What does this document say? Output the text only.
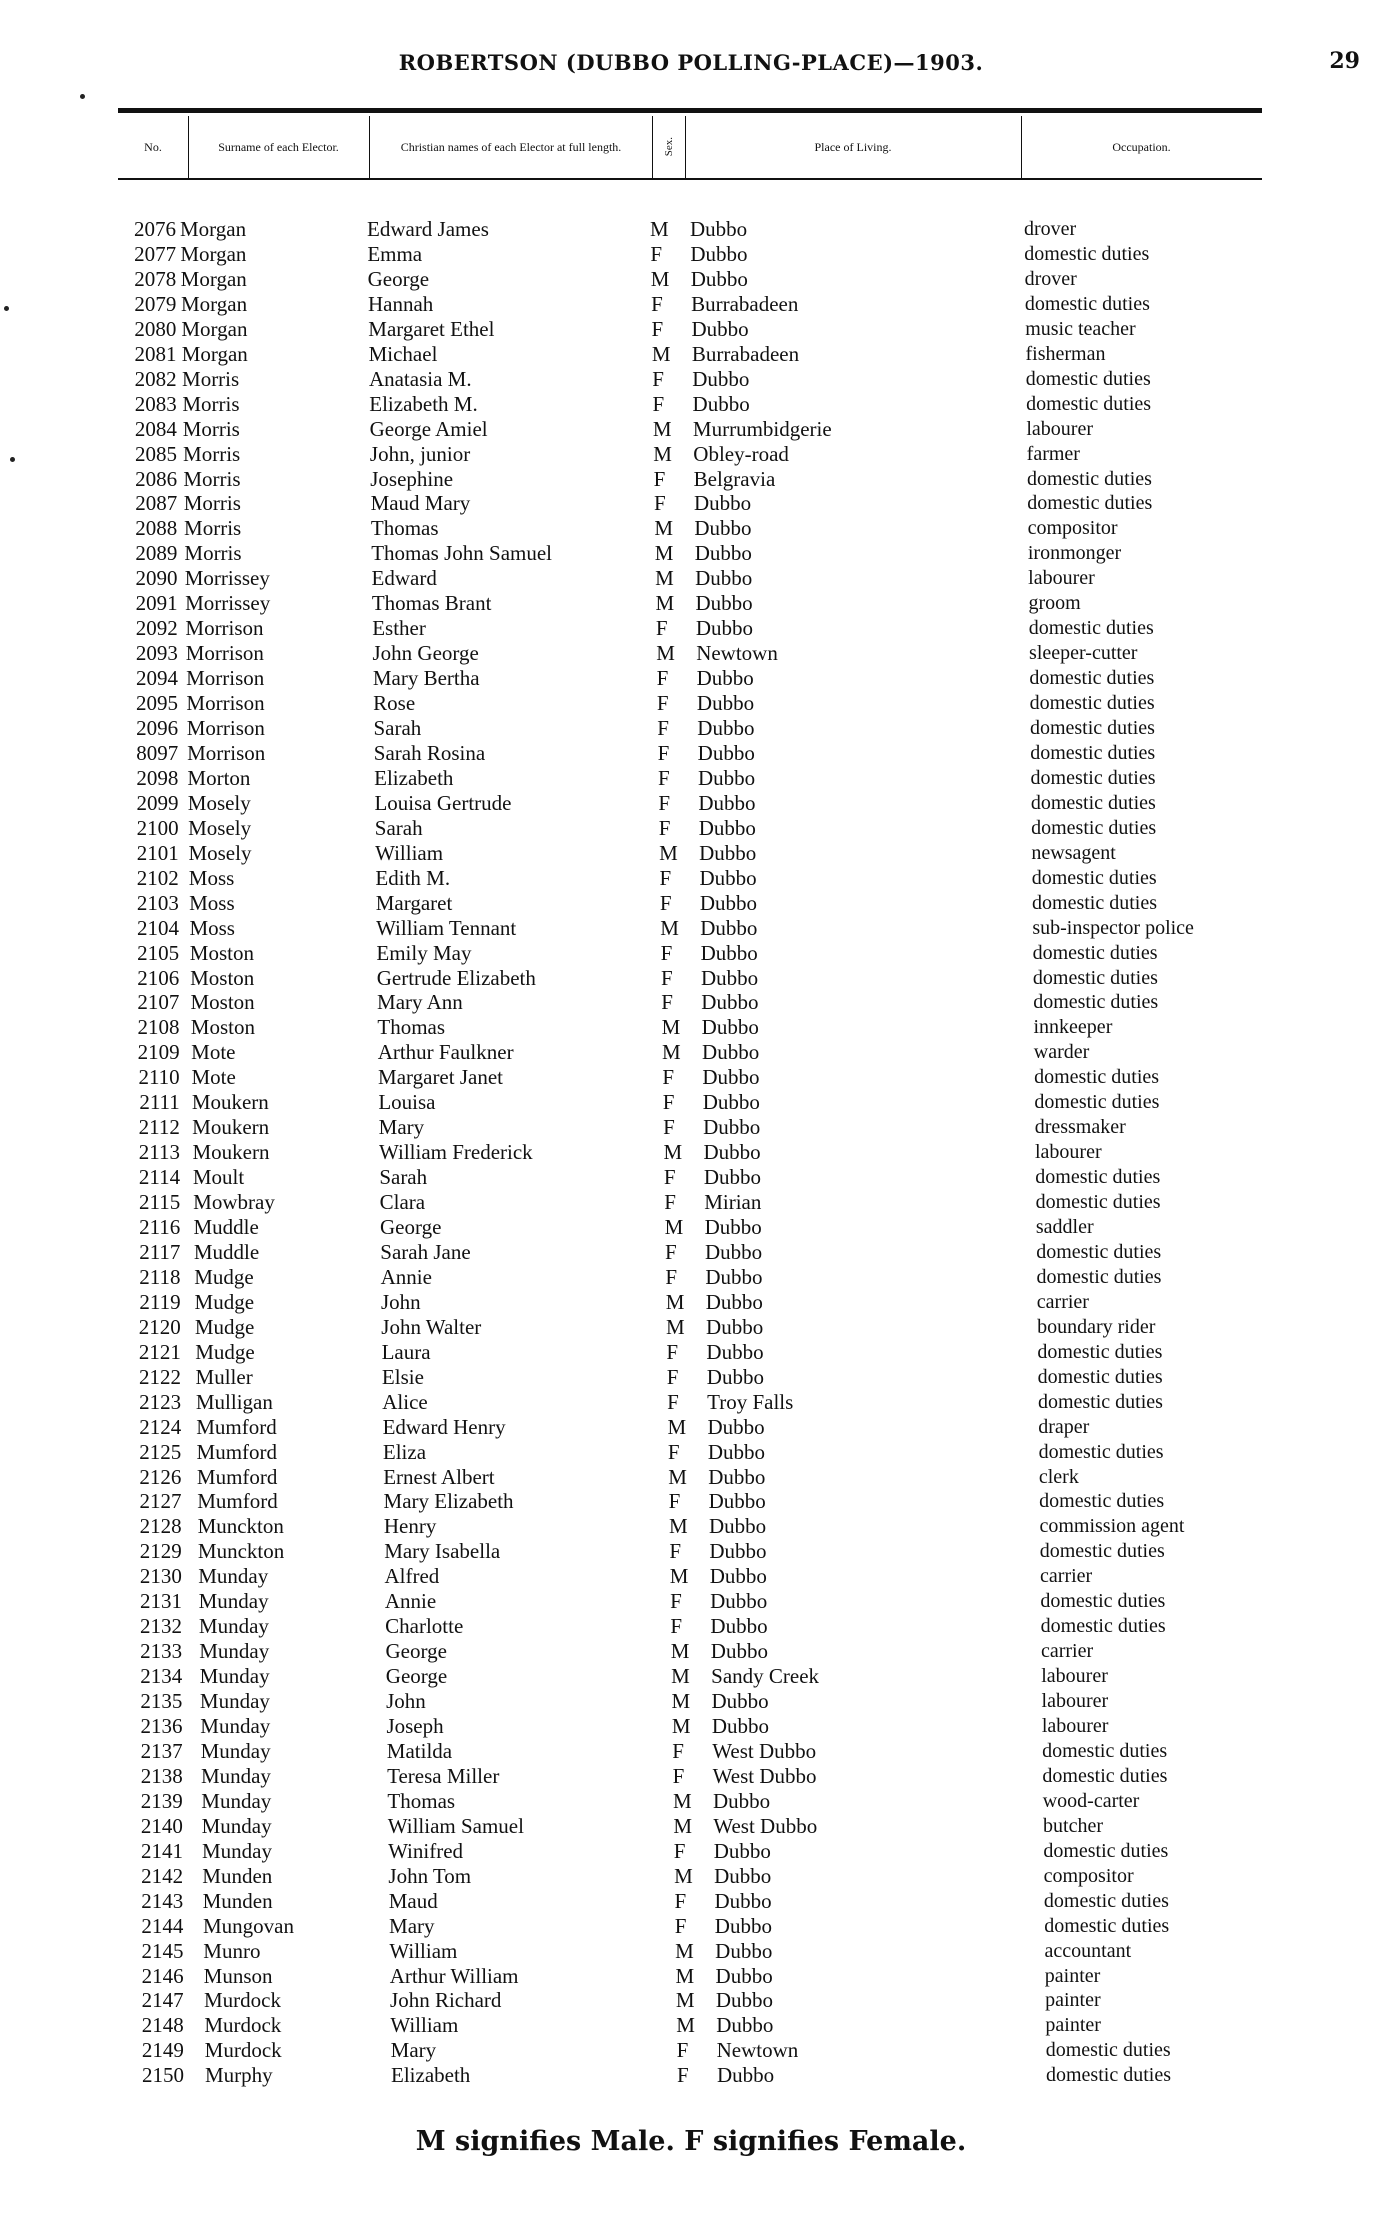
ROBERTSON (DUBBO POLLING-PLACE)—1903.	29
No.	Surname of each Elector.	Christian names of each Elector at full length.	Sex.	Place of Living.	Occupation.
2076 Morgan	Edward James	M Dubbo	drover
2077 Morgan	Emma	F Dubbo	domestic duties
2078 Morgan	George	M Dubbo	drover
2079 Morgan	Hannah	F Burrabadeen	domestic duties
2080 Morgan	Margaret Ethel	F Dubbo	music teacher
2081 Morgan	Michael	M Burrabadeen	fisherman
2082 Morris	Anatasia M.	F Dubbo	domestic duties
2083 Morris	Elizabeth M.	F Dubbo	domestic duties
2084 Morris	George Amiel	M Murrumbidgerie	labourer
2085 Morris	John, junior	M Obley-road	farmer
2086 Morris	Josephine	F Belgravia	domestic duties
2087 Morris	Maud Mary	F Dubbo	domestic duties
2088 Morris	Thomas	M Dubbo	compositor
2089 Morris	Thomas John Samuel	M Dubbo	ironmonger
2090 Morrissey	Edward	M Dubbo	labourer
2091 Morrissey	Thomas Brant	M Dubbo	groom
2092 Morrison	Esther	F Dubbo	domestic duties
2093 Morrison	John George	M Newtown	sleeper-cutter
2094 Morrison	Mary Bertha	F Dubbo	domestic duties
2095 Morrison	Rose	F Dubbo	domestic duties
2096 Morrison	Sarah	F Dubbo	domestic duties
8097 Morrison	Sarah Rosina	F Dubbo	domestic duties
2098 Morton	Elizabeth	F Dubbo	domestic duties
2099 Mosely	Louisa Gertrude	F Dubbo	domestic duties
2100 Mosely	Sarah	F Dubbo	domestic duties
2101 Mosely	William	M Dubbo	newsagent
2102 Moss	Edith M.	F Dubbo	domestic duties
2103 Moss	Margaret	F Dubbo	domestic duties
2104 Moss	William Tennant	M Dubbo	sub-inspector police
2105 Moston	Emily May	F Dubbo	domestic duties
2106 Moston	Gertrude Elizabeth	F Dubbo	domestic duties
2107 Moston	Mary Ann	F Dubbo	domestic duties
2108 Moston	Thomas	M Dubbo	innkeeper
2109 Mote	Arthur Faulkner	M Dubbo	warder
2110 Mote	Margaret Janet	F Dubbo	domestic duties
2111 Moukern	Louisa	F Dubbo	domestic duties
2112 Moukern	Mary	F Dubbo	dressmaker
2113 Moukern	William Frederick	M Dubbo	labourer
2114 Moult	Sarah	F Dubbo	domestic duties
2115 Mowbray	Clara	F Mirian	domestic duties
2116 Muddle	George	M Dubbo	saddler
2117 Muddle	Sarah Jane	F Dubbo	domestic duties
2118 Mudge	Annie	F Dubbo	domestic duties
2119 Mudge	John	M Dubbo	carrier
2120 Mudge	John Walter	M Dubbo	boundary rider
2121 Mudge	Laura	F Dubbo	domestic duties
2122 Muller	Elsie	F Dubbo	domestic duties
2123 Mulligan	Alice	F Troy Falls	domestic duties
2124 Mumford	Edward Henry	M Dubbo	draper
2125 Mumford	Eliza	F Dubbo	domestic duties
2126 Mumford	Ernest Albert	M Dubbo	clerk
2127 Mumford	Mary Elizabeth	F Dubbo	domestic duties
2128 Munckton	Henry	M Dubbo	commission agent
2129 Munckton	Mary Isabella	F Dubbo	domestic duties
2130 Munday	Alfred	M Dubbo	carrier
2131 Munday	Annie	F Dubbo	domestic duties
2132 Munday	Charlotte	F Dubbo	domestic duties
2133 Munday	George	M Dubbo	carrier
2134 Munday	George	M Sandy Creek	labourer
2135 Munday	John	M Dubbo	labourer
2136 Munday	Joseph	M Dubbo	labourer
2137 Munday	Matilda	F West Dubbo	domestic duties
2138 Munday	Teresa Miller	F West Dubbo	domestic duties
2139 Munday	Thomas	M Dubbo	wood-carter
2140 Munday	William Samuel	M West Dubbo	butcher
2141 Munday	Winifred	F Dubbo	domestic duties
2142 Munden	John Tom	M Dubbo	compositor
2143 Munden	Maud	F Dubbo	domestic duties
2144 Mungovan	Mary	F Dubbo	domestic duties
2145 Munro	William	M Dubbo	accountant
2146 Munson	Arthur William	M Dubbo	painter
2147 Murdock	John Richard	M Dubbo	painter
2148 Murdock	William	M Dubbo	painter
2149 Murdock	Mary	F Newtown	domestic duties
2150 Murphy	Elizabeth	F Dubbo	domestic duties
M signifies Male. F signifies Female.
